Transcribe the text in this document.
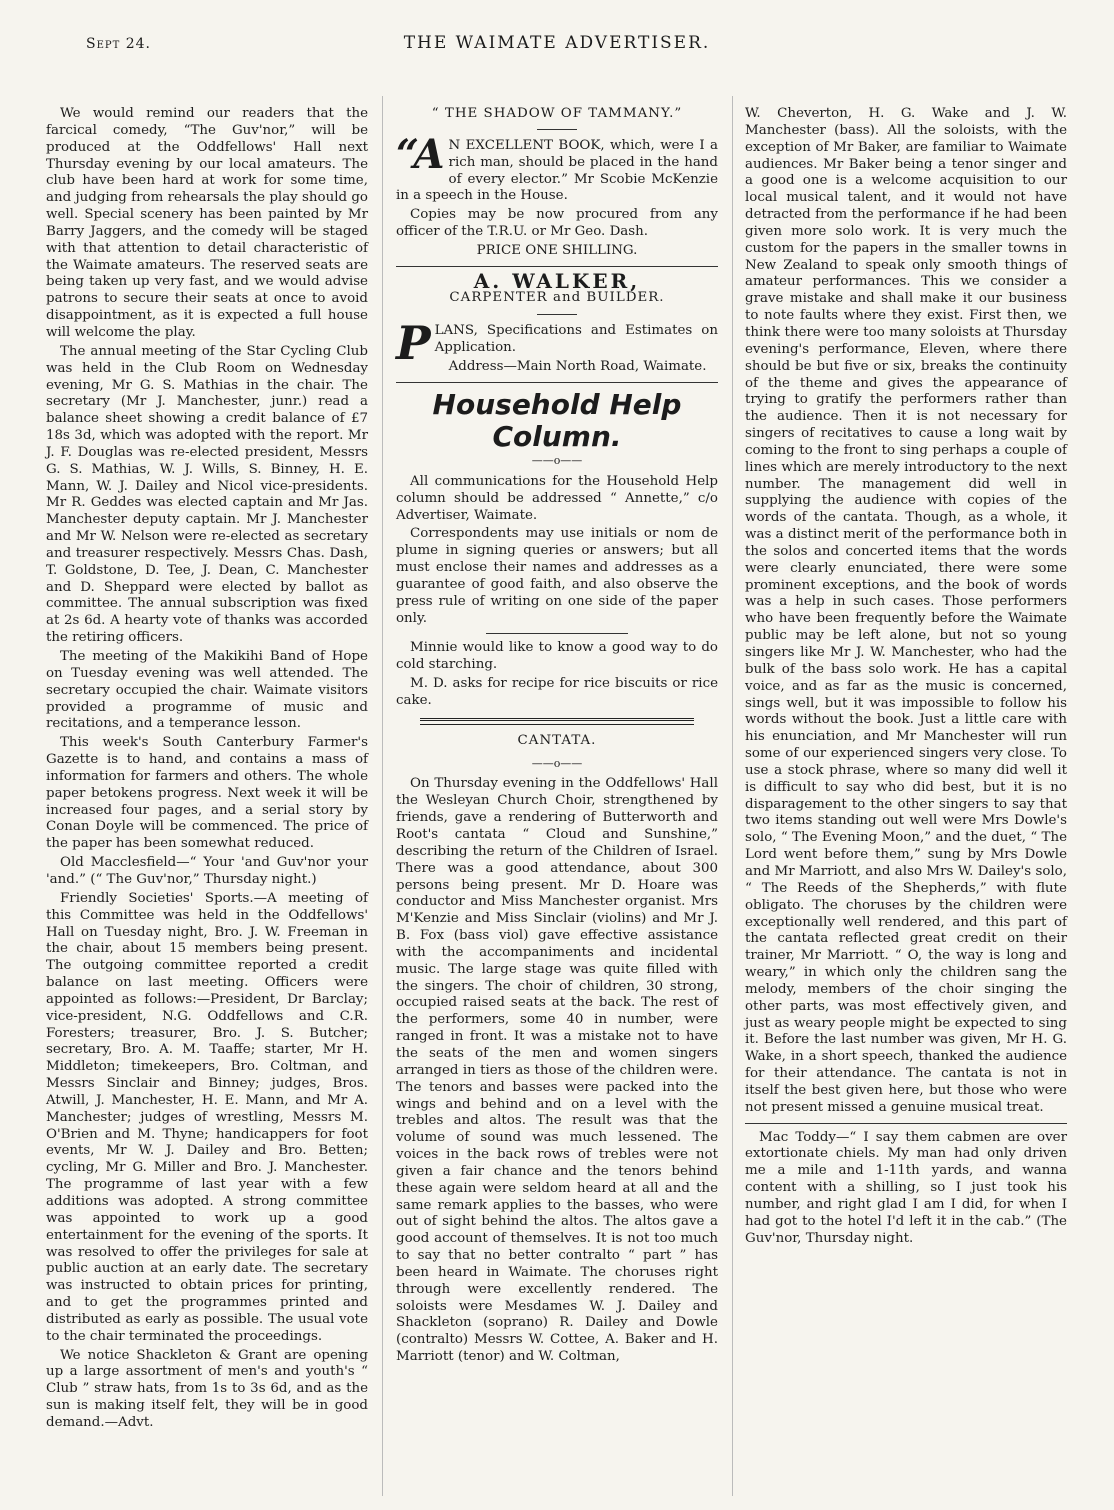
Sept 24.	THE WAIMATE ADVERTISER.

We would remind our readers that the farcical comedy, “The Guv'nor,” will be produced at the Oddfellows' Hall next Thursday evening by our local amateurs. The club have been hard at work for some time, and judging from rehearsals the play should go well. Special scenery has been painted by Mr Barry Jaggers, and the comedy will be staged with that attention to detail characteristic of the Waimate amateurs. The reserved seats are being taken up very fast, and we would advise patrons to secure their seats at once to avoid disappointment, as it is expected a full house will welcome the play.

The annual meeting of the Star Cycling Club was held in the Club Room on Wednesday evening, Mr G. S. Mathias in the chair. The secretary (Mr J. Manchester, junr.) read a balance sheet showing a credit balance of £7 18s 3d, which was adopted with the report. Mr J. F. Douglas was re-elected president, Messrs G. S. Mathias, W. J. Wills, S. Binney, H. E. Mann, W. J. Dailey and Nicol vice-presidents. Mr R. Geddes was elected captain and Mr Jas. Manchester deputy captain. Mr J. Manchester and Mr W. Nelson were re-elected as secretary and treasurer respectively. Messrs Chas. Dash, T. Goldstone, D. Tee, J. Dean, C. Manchester and D. Sheppard were elected by ballot as committee. The annual subscription was fixed at 2s 6d. A hearty vote of thanks was accorded the retiring officers.

The meeting of the Makikihi Band of Hope on Tuesday evening was well attended. The secretary occupied the chair. Waimate visitors provided a programme of music and recitations, and a temperance lesson.

This week's South Canterbury Farmer's Gazette is to hand, and contains a mass of information for farmers and others. The whole paper betokens progress. Next week it will be increased four pages, and a serial story by Conan Doyle will be commenced. The price of the paper has been somewhat reduced.

Old Macclesfield—“ Your 'and Guv'nor your 'and.” (“ The Guv'nor,” Thursday night.)

Friendly Societies' Sports.—A meeting of this Committee was held in the Oddfellows' Hall on Tuesday night, Bro. J. W. Freeman in the chair, about 15 members being present. The outgoing committee reported a credit balance on last meeting. Officers were appointed as follows:—President, Dr Barclay; vice-president, N.G. Oddfellows and C.R. Foresters; treasurer, Bro. J. S. Butcher; secretary, Bro. A. M. Taaffe; starter, Mr H. Middleton; timekeepers, Bro. Coltman, and Messrs Sinclair and Binney; judges, Bros. Atwill, J. Manchester, H. E. Mann, and Mr A. Manchester; judges of wrestling, Messrs M. O'Brien and M. Thyne; handicappers for foot events, Mr W. J. Dailey and Bro. Betten; cycling, Mr G. Miller and Bro. J. Manchester. The programme of last year with a few additions was adopted. A strong committee was appointed to work up a good entertainment for the evening of the sports. It was resolved to offer the privileges for sale at public auction at an early date. The secretary was instructed to obtain prices for printing, and to get the programmes printed and distributed as early as possible. The usual vote to the chair terminated the proceedings.

We notice Shackleton & Grant are opening up a large assortment of men's and youth's “ Club ” straw hats, from 1s to 3s 6d, and as the sun is making itself felt, they will be in good demand.—Advt.

“ THE SHADOW OF TAMMANY.”

“A N EXCELLENT BOOK, which, were I a rich man, should be placed in the hand of every elector.” Mr Scobie McKenzie in a speech in the House.

Copies may be now procured from any officer of the T.R.U. or Mr Geo. Dash.

PRICE ONE SHILLING.

A. WALKER,
CARPENTER and BUILDER.

PLANS, Specifications and Estimates on Application.

Address—Main North Road, Waimate.

Household Help Column.
——o——

All communications for the Household Help column should be addressed “ Annette,” c/o Advertiser, Waimate.

Correspondents may use initials or nom de plume in signing queries or answers; but all must enclose their names and addresses as a guarantee of good faith, and also observe the press rule of writing on one side of the paper only.

Minnie would like to know a good way to do cold starching.

M. D. asks for recipe for rice biscuits or rice cake.

CANTATA.
——o——

On Thursday evening in the Oddfellows' Hall the Wesleyan Church Choir, strengthened by friends, gave a rendering of Butterworth and Root's cantata “ Cloud and Sunshine,” describing the return of the Children of Israel. There was a good attendance, about 300 persons being present. Mr D. Hoare was conductor and Miss Manchester organist. Mrs M'Kenzie and Miss Sinclair (violins) and Mr J. B. Fox (bass viol) gave effective assistance with the accompaniments and incidental music. The large stage was quite filled with the singers. The choir of children, 30 strong, occupied raised seats at the back. The rest of the performers, some 40 in number, were ranged in front. It was a mistake not to have the seats of the men and women singers arranged in tiers as those of the children were. The tenors and basses were packed into the wings and behind and on a level with the trebles and altos. The result was that the volume of sound was much lessened. The voices in the back rows of trebles were not given a fair chance and the tenors behind these again were seldom heard at all and the same remark applies to the basses, who were out of sight behind the altos. The altos gave a good account of themselves. It is not too much to say that no better contralto “ part ” has been heard in Waimate. The choruses right through were excellently rendered. The soloists were Mesdames W. J. Dailey and Shackleton (soprano) R. Dailey and Dowle (contralto) Messrs W. Cottee, A. Baker and H. Marriott (tenor) and W. Coltman,

W. Cheverton, H. G. Wake and J. W. Manchester (bass). All the soloists, with the exception of Mr Baker, are familiar to Waimate audiences. Mr Baker being a tenor singer and a good one is a welcome acquisition to our local musical talent, and it would not have detracted from the performance if he had been given more solo work. It is very much the custom for the papers in the smaller towns in New Zealand to speak only smooth things of amateur performances. This we consider a grave mistake and shall make it our business to note faults where they exist. First then, we think there were too many soloists at Thursday evening's performance, Eleven, where there should be but five or six, breaks the continuity of the theme and gives the appearance of trying to gratify the performers rather than the audience. Then it is not necessary for singers of recitatives to cause a long wait by coming to the front to sing perhaps a couple of lines which are merely introductory to the next number. The management did well in supplying the audience with copies of the words of the cantata. Though, as a whole, it was a distinct merit of the performance both in the solos and concerted items that the words were clearly enunciated, there were some prominent exceptions, and the book of words was a help in such cases. Those performers who have been frequently before the Waimate public may be left alone, but not so young singers like Mr J. W. Manchester, who had the bulk of the bass solo work. He has a capital voice, and as far as the music is concerned, sings well, but it was impossible to follow his words without the book. Just a little care with his enunciation, and Mr Manchester will run some of our experienced singers very close. To use a stock phrase, where so many did well it is difficult to say who did best, but it is no disparagement to the other singers to say that two items standing out well were Mrs Dowle's solo, “ The Evening Moon,” and the duet, “ The Lord went before them,” sung by Mrs Dowle and Mr Marriott, and also Mrs W. Dailey's solo, “ The Reeds of the Shepherds,” with flute obligato. The choruses by the children were exceptionally well rendered, and this part of the cantata reflected great credit on their trainer, Mr Marriott. “ O, the way is long and weary,” in which only the children sang the melody, members of the choir singing the other parts, was most effectively given, and just as weary people might be expected to sing it. Before the last number was given, Mr H. G. Wake, in a short speech, thanked the audience for their attendance. The cantata is not in itself the best given here, but those who were not present missed a genuine musical treat.

Mac Toddy—“ I say them cabmen are over extortionate chiels. My man had only driven me a mile and 1-11th yards, and wanna content with a shilling, so I just took his number, and right glad I am I did, for when I had got to the hotel I'd left it in the cab.” (The Guv'nor, Thursday night.
